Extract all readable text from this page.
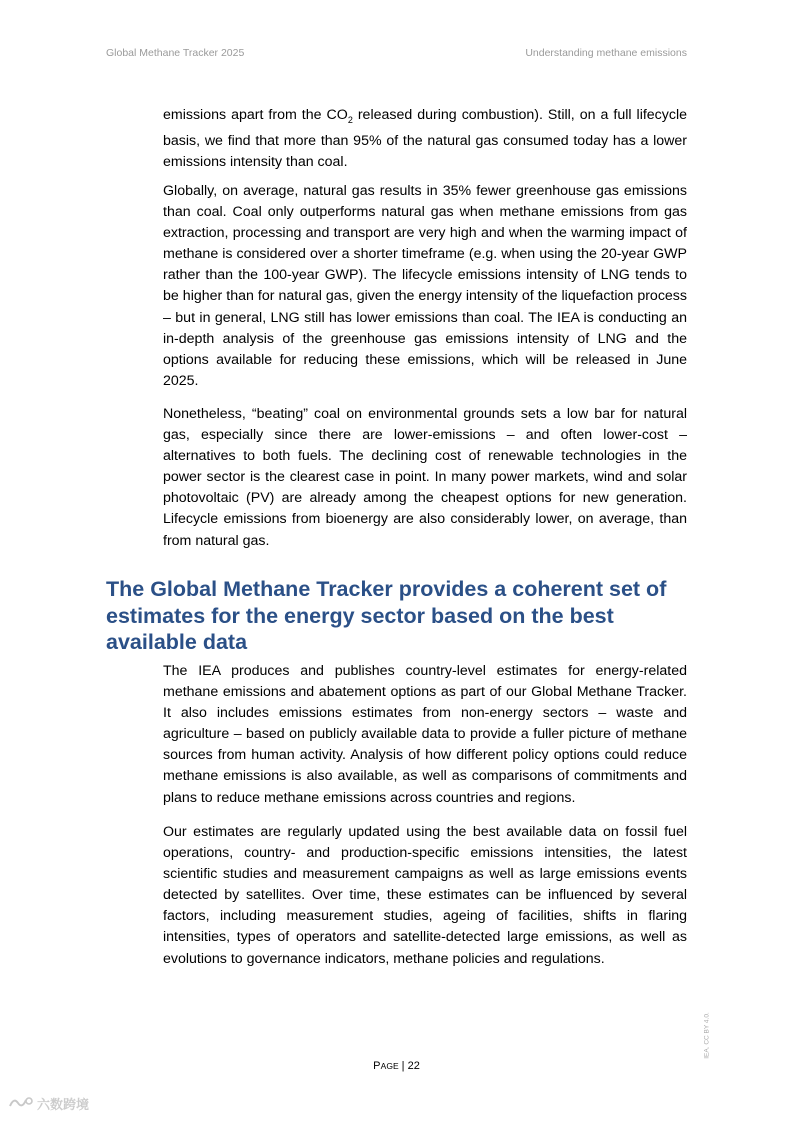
Global Methane Tracker 2025	Understanding methane emissions

emissions apart from the $CO_2$ released during combustion). Still, on a full lifecycle basis, we find that more than 95% of the natural gas consumed today has a lower emissions intensity than coal.

Globally, on average, natural gas results in 35% fewer greenhouse gas emissions than coal. Coal only outperforms natural gas when methane emissions from gas extraction, processing and transport are very high and when the warming impact of methane is considered over a shorter timeframe (e.g. when using the 20-year GWP rather than the 100-year GWP). The lifecycle emissions intensity of LNG tends to be higher than for natural gas, given the energy intensity of the liquefaction process – but in general, LNG still has lower emissions than coal. The IEA is conducting an in-depth analysis of the greenhouse gas emissions intensity of LNG and the options available for reducing these emissions, which will be released in June 2025.

Nonetheless, “beating” coal on environmental grounds sets a low bar for natural gas, especially since there are lower-emissions – and often lower-cost – alternatives to both fuels. The declining cost of renewable technologies in the power sector is the clearest case in point. In many power markets, wind and solar photovoltaic (PV) are already among the cheapest options for new generation. Lifecycle emissions from bioenergy are also considerably lower, on average, than from natural gas.

The Global Methane Tracker provides a coherent set of estimates for the energy sector based on the best available data

The IEA produces and publishes country-level estimates for energy-related methane emissions and abatement options as part of our Global Methane Tracker. It also includes emissions estimates from non-energy sectors – waste and agriculture – based on publicly available data to provide a fuller picture of methane sources from human activity. Analysis of how different policy options could reduce methane emissions is also available, as well as comparisons of commitments and plans to reduce methane emissions across countries and regions.

Our estimates are regularly updated using the best available data on fossil fuel operations, country- and production-specific emissions intensities, the latest scientific studies and measurement campaigns as well as large emissions events detected by satellites. Over time, these estimates can be influenced by several factors, including measurement studies, ageing of facilities, shifts in flaring intensities, types of operators and satellite-detected large emissions, as well as evolutions to governance indicators, methane policies and regulations.

PAGE | 22
IEA. CC BY 4.0.
六数跨境
